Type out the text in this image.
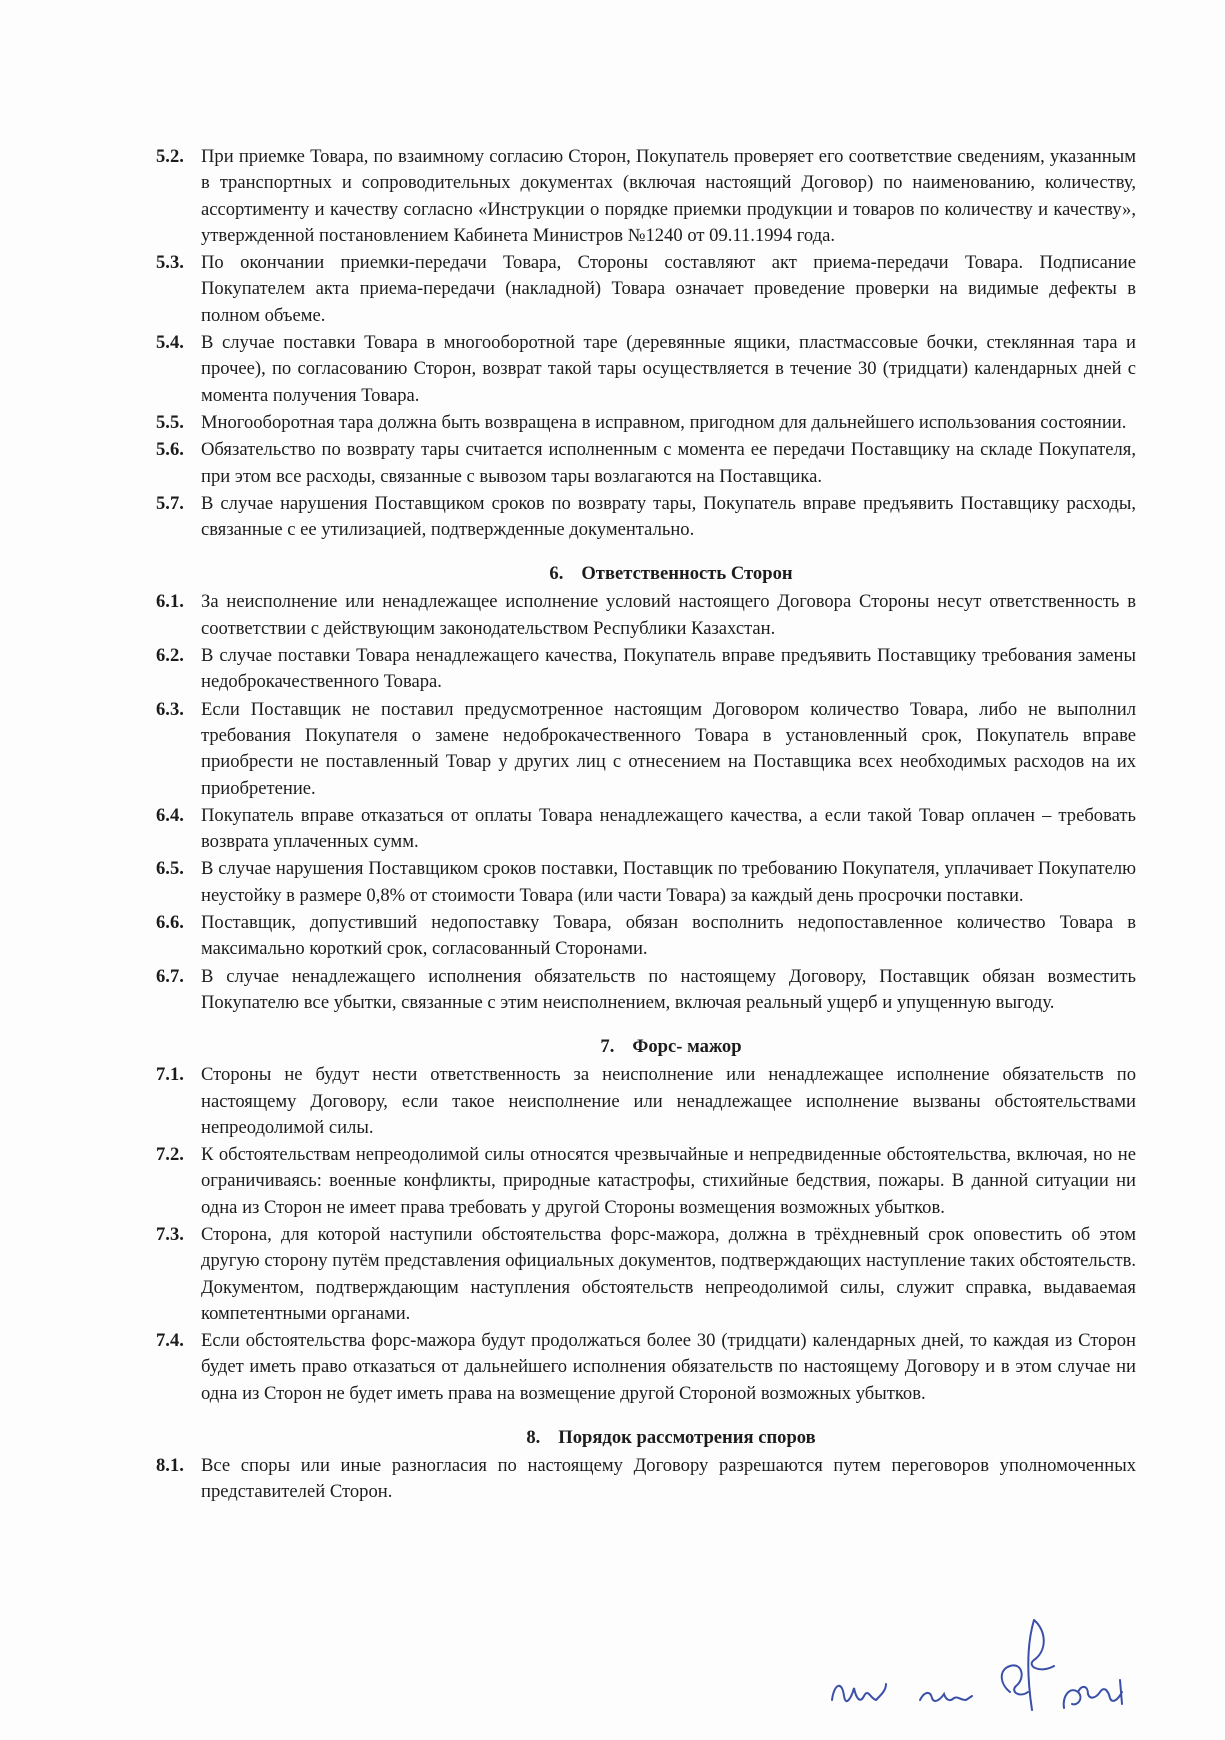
5.2. При приемке Товара, по взаимному согласию Сторон, Покупатель проверяет его соответствие сведениям, указанным в транспортных и сопроводительных документах (включая настоящий Договор) по наименованию, количеству, ассортименту и качеству согласно «Инструкции о порядке приемки продукции и товаров по количеству и качеству», утвержденной постановлением Кабинета Министров №1240 от 09.11.1994 года.
5.3. По окончании приемки-передачи Товара, Стороны составляют акт приема-передачи Товара. Подписание Покупателем акта приема-передачи (накладной) Товара означает проведение проверки на видимые дефекты в полном объеме.
5.4. В случае поставки Товара в многооборотной таре (деревянные ящики, пластмассовые бочки, стеклянная тара и прочее), по согласованию Сторон, возврат такой тары осуществляется в течение 30 (тридцати) календарных дней с момента получения Товара.
5.5. Многооборотная тара должна быть возвращена в исправном, пригодном для дальнейшего использования состоянии.
5.6. Обязательство по возврату тары считается исполненным с момента ее передачи Поставщику на складе Покупателя, при этом все расходы, связанные с вывозом тары возлагаются на Поставщика.
5.7. В случае нарушения Поставщиком сроков по возврату тары, Покупатель вправе предъявить Поставщику расходы, связанные с ее утилизацией, подтвержденные документально.
6. Ответственность Сторон
6.1. За неисполнение или ненадлежащее исполнение условий настоящего Договора Стороны несут ответственность в соответствии с действующим законодательством Республики Казахстан.
6.2. В случае поставки Товара ненадлежащего качества, Покупатель вправе предъявить Поставщику требования замены недоброкачественного Товара.
6.3. Если Поставщик не поставил предусмотренное настоящим Договором количество Товара, либо не выполнил требования Покупателя о замене недоброкачественного Товара в установленный срок, Покупатель вправе приобрести не поставленный Товар у других лиц с отнесением на Поставщика всех необходимых расходов на их приобретение.
6.4. Покупатель вправе отказаться от оплаты Товара ненадлежащего качества, а если такой Товар оплачен – требовать возврата уплаченных сумм.
6.5. В случае нарушения Поставщиком сроков поставки, Поставщик по требованию Покупателя, уплачивает Покупателю неустойку в размере 0,8% от стоимости Товара (или части Товара) за каждый день просрочки поставки.
6.6. Поставщик, допустивший недопоставку Товара, обязан восполнить недопоставленное количество Товара в максимально короткий срок, согласованный Сторонами.
6.7. В случае ненадлежащего исполнения обязательств по настоящему Договору, Поставщик обязан возместить Покупателю все убытки, связанные с этим неисполнением, включая реальный ущерб и упущенную выгоду.
7. Форс- мажор
7.1. Стороны не будут нести ответственность за неисполнение или ненадлежащее исполнение обязательств по настоящему Договору, если такое неисполнение или ненадлежащее исполнение вызваны обстоятельствами непреодолимой силы.
7.2. К обстоятельствам непреодолимой силы относятся чрезвычайные и непредвиденные обстоятельства, включая, но не ограничиваясь: военные конфликты, природные катастрофы, стихийные бедствия, пожары. В данной ситуации ни одна из Сторон не имеет права требовать у другой Стороны возмещения возможных убытков.
7.3. Сторона, для которой наступили обстоятельства форс-мажора, должна в трёхдневный срок оповестить об этом другую сторону путём представления официальных документов, подтверждающих наступление таких обстоятельств. Документом, подтверждающим наступления обстоятельств непреодолимой силы, служит справка, выдаваемая компетентными органами.
7.4. Если обстоятельства форс-мажора будут продолжаться более 30 (тридцати) календарных дней, то каждая из Сторон будет иметь право отказаться от дальнейшего исполнения обязательств по настоящему Договору и в этом случае ни одна из Сторон не будет иметь права на возмещение другой Стороной возможных убытков.
8. Порядок рассмотрения споров
8.1. Все споры или иные разногласия по настоящему Договору разрешаются путем переговоров уполномоченных представителей Сторон.
